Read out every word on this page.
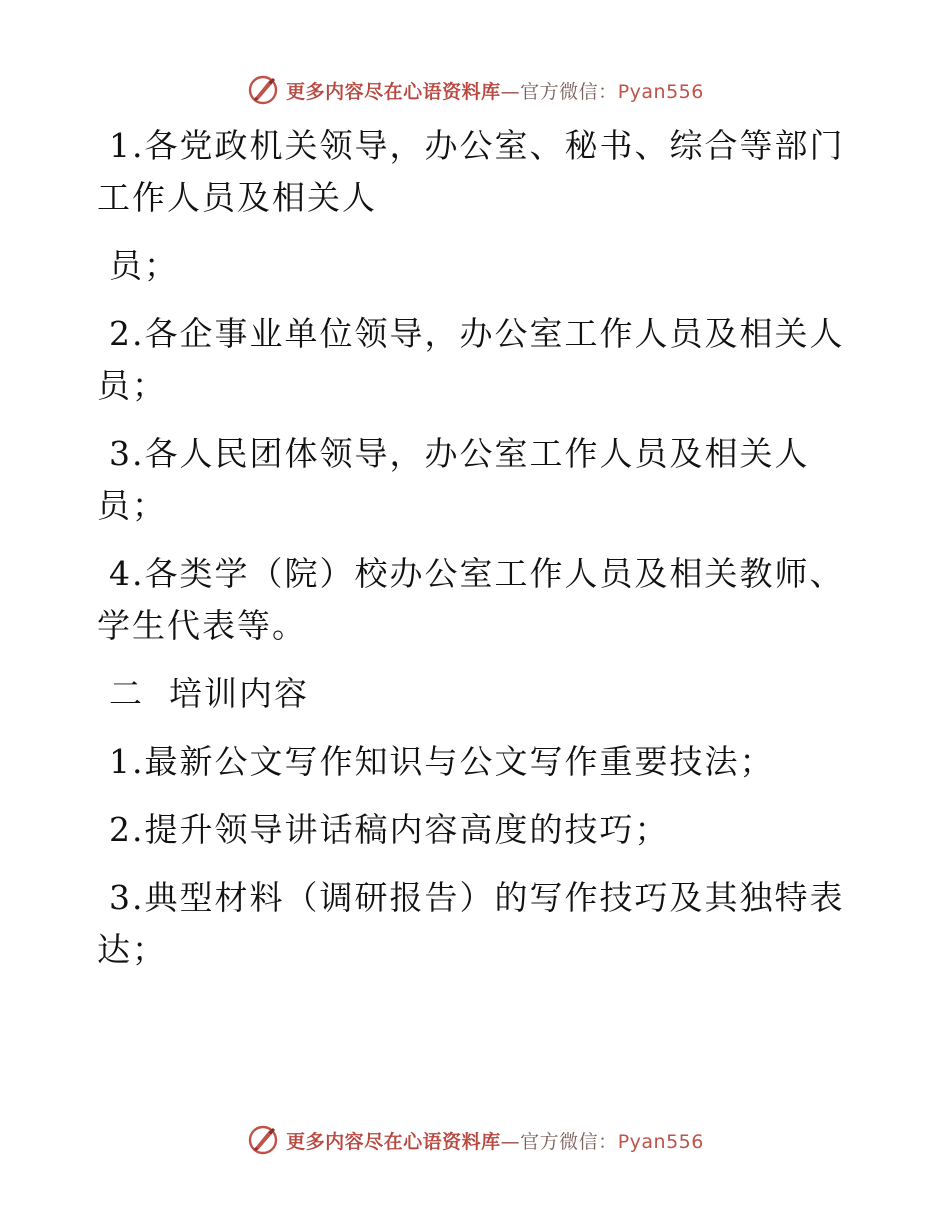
更多内容尽在心语资料库—官方微信：Pyan556
1.各党政机关领导，办公室、秘书、综合等部门
工作人员及相关人
员；
2.各企事业单位领导，办公室工作人员及相关人
员；
3.各人民团体领导，办公室工作人员及相关人
员；
4.各类学（院）校办公室工作人员及相关教师、
学生代表等。
二  培训内容
1.最新公文写作知识与公文写作重要技法；
2.提升领导讲话稿内容高度的技巧；
3.典型材料（调研报告）的写作技巧及其独特表
达；
更多内容尽在心语资料库—官方微信：Pyan556
